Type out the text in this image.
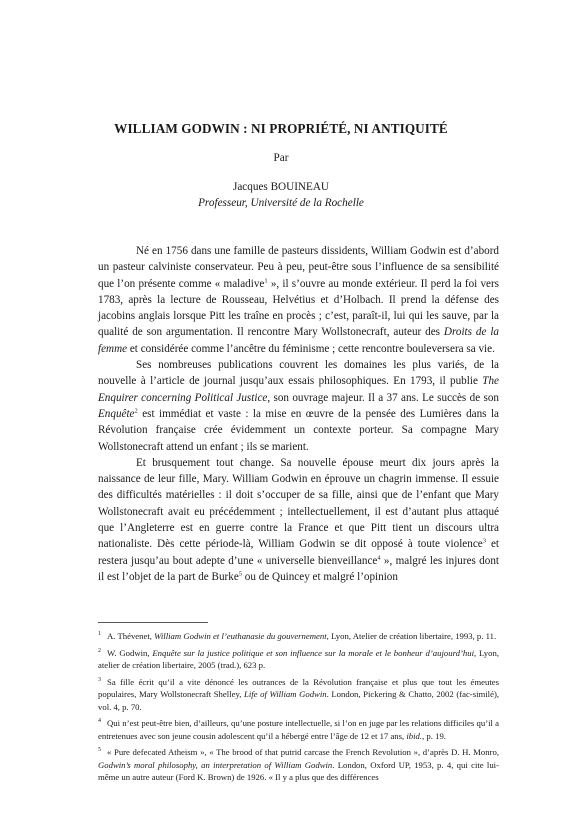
WILLIAM GODWIN : NI PROPRIÉTÉ, NI ANTIQUITÉ
Par
Jacques BOUINEAU
Professeur, Université de la Rochelle

Né en 1756 dans une famille de pasteurs dissidents, William Godwin est d’abord un pasteur calviniste conservateur. Peu à peu, peut-être sous l’influence de sa sensibilité que l’on présente comme « maladive$^1$ », il s’ouvre au monde extérieur. Il perd la foi vers 1783, après la lecture de Rousseau, Helvétius et d’Holbach. Il prend la défense des jacobins anglais lorsque Pitt les traîne en procès ; c’est, paraît-il, lui qui les sauve, par la qualité de son argumentation. Il rencontre Mary Wollstonecraft, auteur des Droits de la femme et considérée comme l’ancêtre du féminisme ; cette rencontre bouleversera sa vie.

Ses nombreuses publications couvrent les domaines les plus variés, de la nouvelle à l’article de journal jusqu’aux essais philosophiques. En 1793, il publie The Enquirer concerning Political Justice, son ouvrage majeur. Il a 37 ans. Le succès de son Enquête$^2$ est immédiat et vaste : la mise en œuvre de la pensée des Lumières dans la Révolution française crée évidemment un contexte porteur. Sa compagne Mary Wollstonecraft attend un enfant ; ils se marient.

Et brusquement tout change. Sa nouvelle épouse meurt dix jours après la naissance de leur fille, Mary. William Godwin en éprouve un chagrin immense. Il essuie des difficultés matérielles : il doit s’occuper de sa fille, ainsi que de l’enfant que Mary Wollstonecraft avait eu précédemment ; intellectuellement, il est d’autant plus attaqué que l’Angleterre est en guerre contre la France et que Pitt tient un discours ultra nationaliste. Dès cette période-là, William Godwin se dit opposé à toute violence$^3$ et restera jusqu’au bout adepte d’une « universelle bienveillance$^4$ », malgré les injures dont il est l’objet de la part de Burke$^5$ ou de Quincey et malgré l’opinion

$^1$ A. Thévenet, William Godwin et l’euthanasie du gouvernement, Lyon, Atelier de création libertaire, 1993, p. 11.
$^2$ W. Godwin, Enquête sur la justice politique et son influence sur la morale et le bonheur d’aujourd’hui, Lyon, atelier de création libertaire, 2005 (trad.), 623 p.
$^3$ Sa fille écrit qu’il a vite dénoncé les outrances de la Révolution française et plus que tout les émeutes populaires, Mary Wollstonecraft Shelley, Life of William Godwin. London, Pickering & Chatto, 2002 (fac-similé), vol. 4, p. 70.
$^4$ Qui n’est peut-être bien, d’ailleurs, qu’une posture intellectuelle, si l’on en juge par les relations difficiles qu’il a entretenues avec son jeune cousin adolescent qu’il a hébergé entre l’âge de 12 et 17 ans, ibid., p. 19.
$^5$ « Pure defecated Atheism », « The brood of that putrid carcase the French Revolution », d’après D. H. Monro, Godwin’s moral philosophy, an interpretation of William Godwin. London, Oxford UP, 1953, p. 4, qui cite lui-même un autre auteur (Ford K. Brown) de 1926. « Il y a plus que des différences
